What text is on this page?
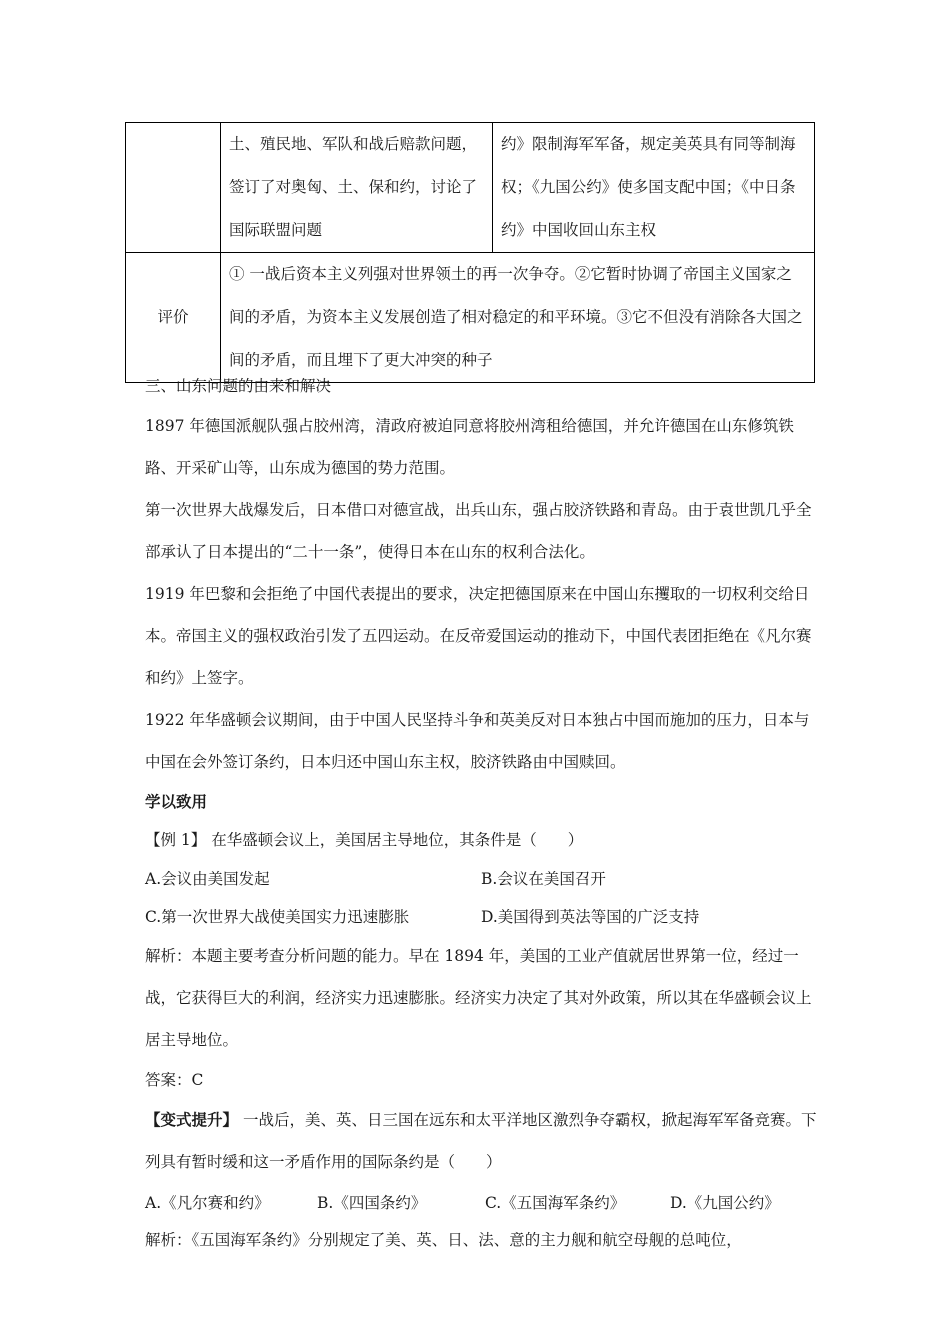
	土、殖民地、军队和战后赔款问题，签订了对奥匈、土、保和约，讨论了国际联盟问题	约》限制海军军备，规定美英具有同等制海权；《九国公约》使多国支配中国；《中日条约》中国收回山东主权
评价	① 一战后资本主义列强对世界领土的再一次争夺。②它暂时协调了帝国主义国家之间的矛盾，为资本主义发展创造了相对稳定的和平环境。③它不但没有消除各大国之间的矛盾，而且埋下了更大冲突的种子	

三、山东问题的由来和解决

1897 年德国派舰队强占胶州湾，清政府被迫同意将胶州湾租给德国，并允许德国在山东修筑铁路、开采矿山等，山东成为德国的势力范围。

第一次世界大战爆发后，日本借口对德宣战，出兵山东，强占胶济铁路和青岛。由于袁世凯几乎全部承认了日本提出的“二十一条”，使得日本在山东的权利合法化。

1919 年巴黎和会拒绝了中国代表提出的要求，决定把德国原来在中国山东攫取的一切权利交给日本。帝国主义的强权政治引发了五四运动。在反帝爱国运动的推动下，中国代表团拒绝在《凡尔赛和约》上签字。

1922 年华盛顿会议期间，由于中国人民坚持斗争和英美反对日本独占中国而施加的压力，日本与中国在会外签订条约，日本归还中国山东主权，胶济铁路由中国赎回。

学以致用

【例 1】 在华盛顿会议上，美国居主导地位，其条件是（　　）

A.会议由美国发起	B.会议在美国召开
C.第一次世界大战使美国实力迅速膨胀	D.美国得到英法等国的广泛支持

解析：本题主要考查分析问题的能力。早在 1894 年，美国的工业产值就居世界第一位，经过一战，它获得巨大的利润，经济实力迅速膨胀。经济实力决定了其对外政策，所以其在华盛顿会议上居主导地位。

答案：C

【变式提升】 一战后，美、英、日三国在远东和太平洋地区激烈争夺霸权，掀起海军军备竞赛。下列具有暂时缓和这一矛盾作用的国际条约是（　　）

A.《凡尔赛和约》	B.《四国条约》	C.《五国海军条约》	D.《九国公约》

解析：《五国海军条约》分别规定了美、英、日、法、意的主力舰和航空母舰的总吨位，
